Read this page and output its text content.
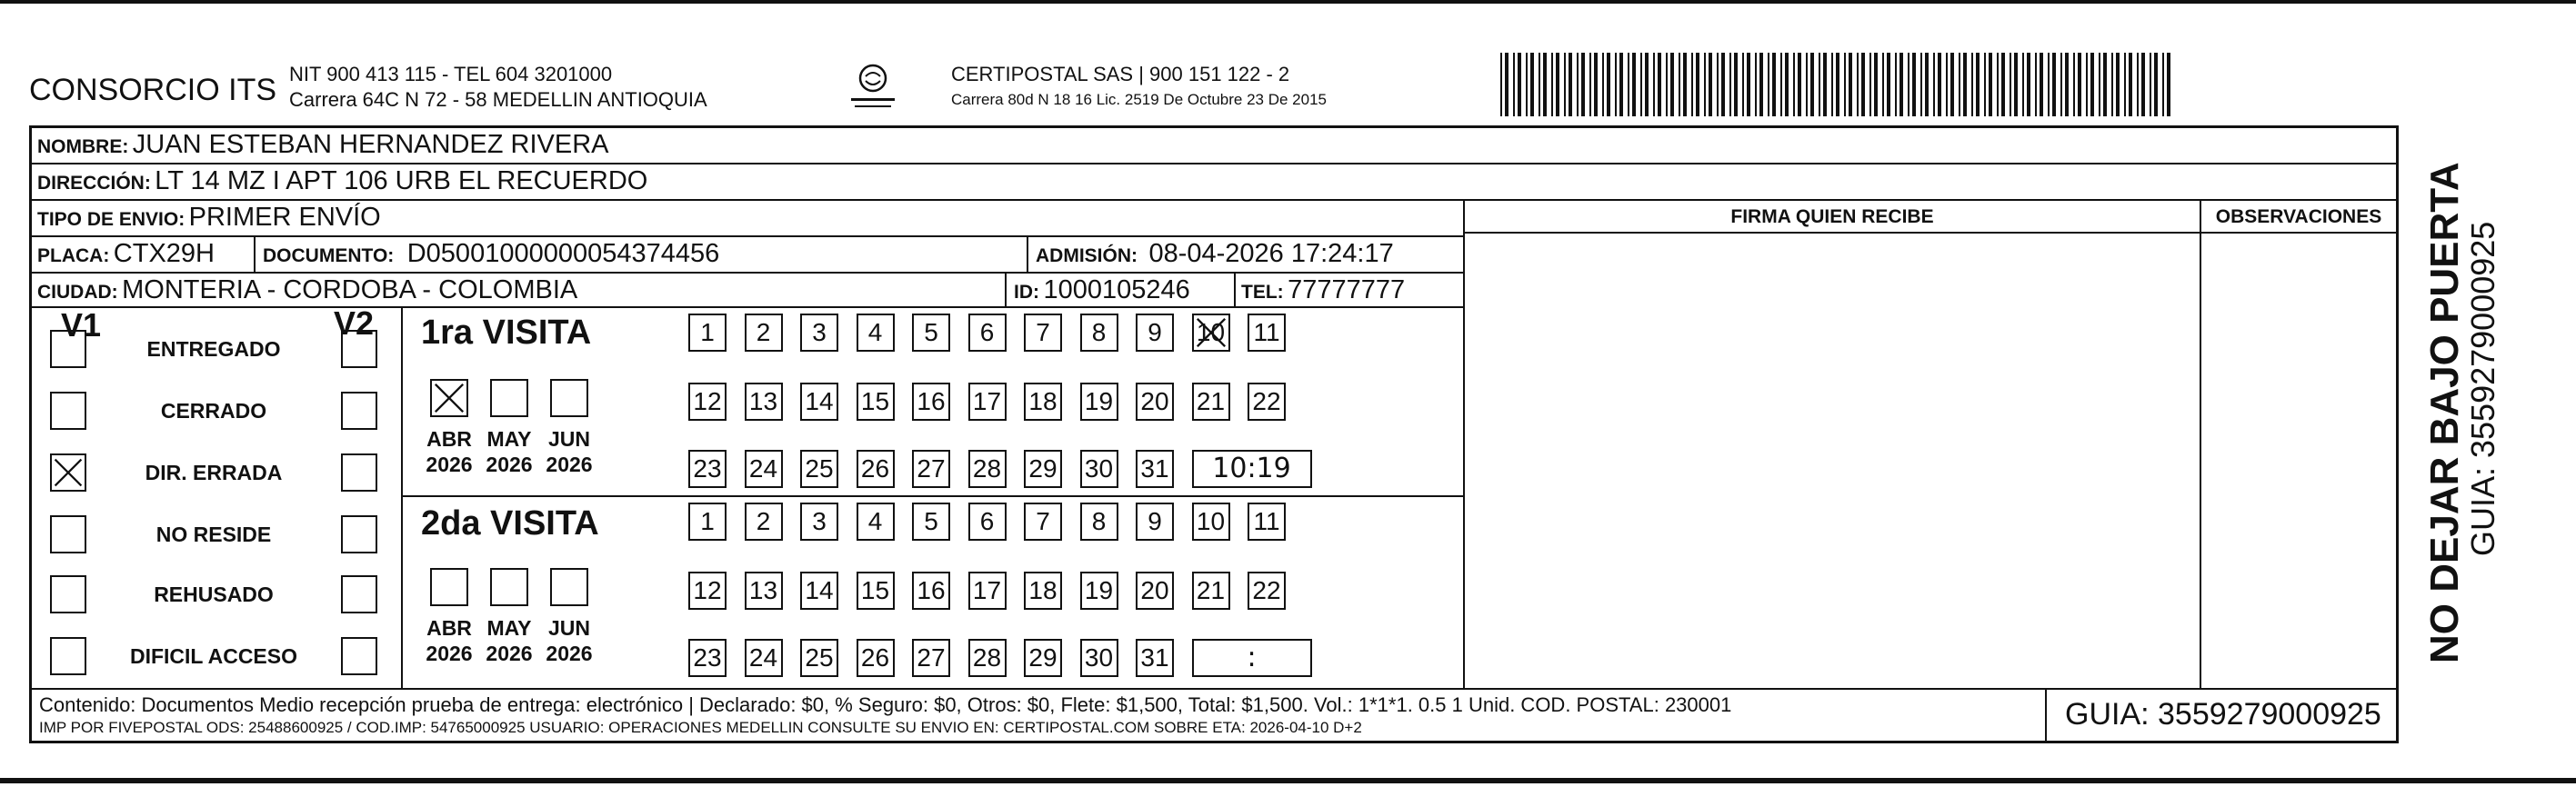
CONSORCIO ITS NIT 900 413 115 - TEL 604 3201000
Carrera 64C N 72 - 58 MEDELLIN ANTIOQUIA
CERTIPOSTAL SAS | 900 151 122 - 2
Carrera 80d N 18 16 Lic. 2519 De Octubre 23 De 2015
NOMBRE: JUAN ESTEBAN HERNANDEZ RIVERA
DIRECCIÓN: LT 14 MZ I APT 106 URB EL RECUERDO
TIPO DE ENVIO: PRIMER ENVÍO	FIRMA QUIEN RECIBE	OBSERVACIONES
PLACA: CTX29H	DOCUMENTO: D05001000000054374456	ADMISIÓN: 08-04-2026 17:24:17
CIUDAD: MONTERIA - CORDOBA - COLOMBIA	ID: 1000105246	TEL: 77777777
V1	V2
ENTREGADO
CERRADO
DIR. ERRADA
NO RESIDE
REHUSADO
DIFICIL ACCESO
1ra VISITA
ABR
2026
MAY
2026
JUN
2026
1	2	3	4	5	6	7	8	9	10 11
12 13 14 15 16 17 18 19 20 21 22
23 24 25 26 27 28 29 30 31	10:19
2da VISITA
ABR
2026
MAY
2026
JUN
2026
1	2	3	4	5	6	7	8	9	10 11
12 13 14 15 16 17 18 19 20 21 22
23 24 25 26 27 28 29 30 31	:
Contenido: Documentos Medio recepción prueba de entrega: electrónico | Declarado: $0, % Seguro: $0, Otros: $0, Flete: $1,500, Total: $1,500. Vol.: 1*1*1. 0.5 1 Unid. COD. POSTAL: 230001
IMP POR FIVEPOSTAL ODS: 25488600925 / COD.IMP: 54765000925 USUARIO: OPERACIONES MEDELLIN CONSULTE SU ENVIO EN: CERTIPOSTAL.COM SOBRE ETA: 2026-04-10 D+2	GUIA: 3559279000925
NO DEJAR BAJO PUERTA
GUIA: 3559279000925
